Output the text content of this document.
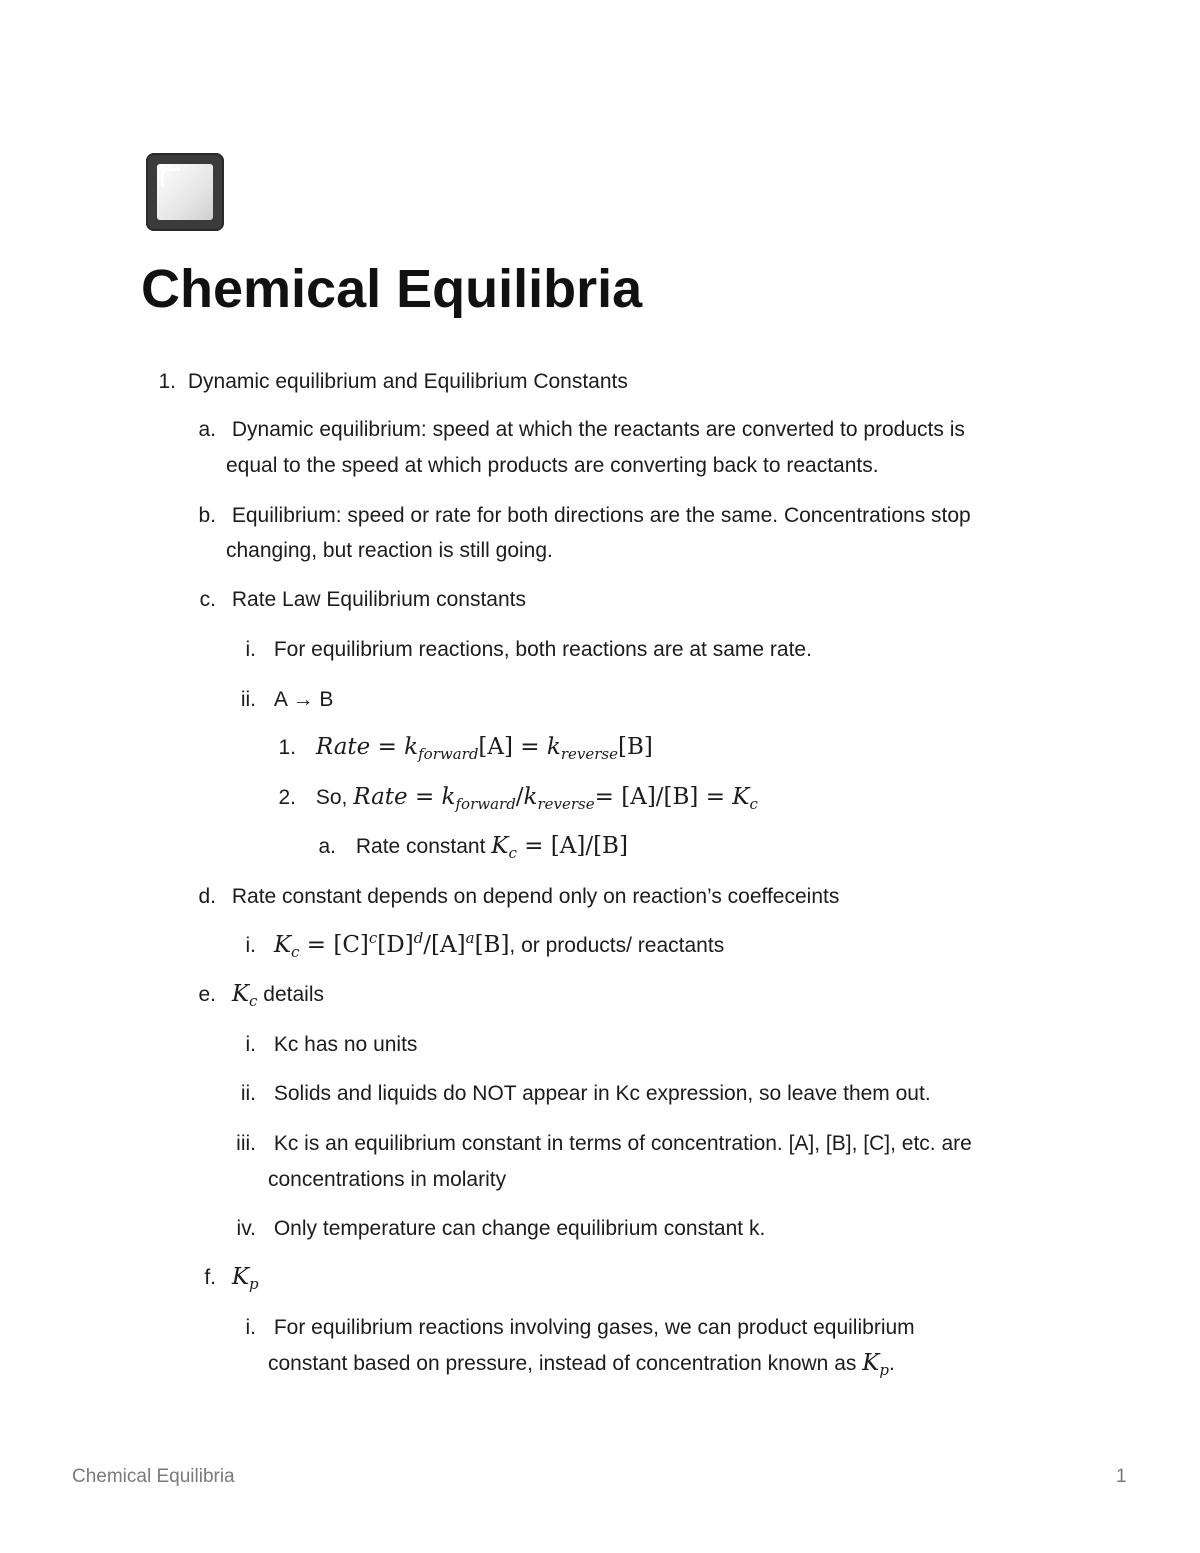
Chemical Equilibria
1. Dynamic equilibrium and Equilibrium Constants
a. Dynamic equilibrium: speed at which the reactants are converted to products is
equal to the speed at which products are converting back to reactants.
b. Equilibrium: speed or rate for both directions are the same. Concentrations stop
changing, but reaction is still going.
c. Rate Law Equilibrium constants
i. For equilibrium reactions, both reactions are at same rate.
ii. A → B
1. Rate = $k_{forward}[A] = k_{reverse}[B]$
2. So, Rate = $k_{forward}/k_{reverse}= [A]/[B] = K_c$
a. Rate constant $K_c = [A]/[B]$
d. Rate constant depends on depend only on reaction’s coeffeceints
i. $K_c = [C]^c[D]^d/[A]^a[B]$, or products/ reactants
e. $K_c$ details
i. Kc has no units
ii. Solids and liquids do NOT appear in Kc expression, so leave them out.
iii. Kc is an equilibrium constant in terms of concentration. [A], [B], [C], etc. are
concentrations in molarity
iv. Only temperature can change equilibrium constant k.
f. $K_p$
i. For equilibrium reactions involving gases, we can product equilibrium
constant based on pressure, instead of concentration known as $K_p$.
Chemical Equilibria	1
